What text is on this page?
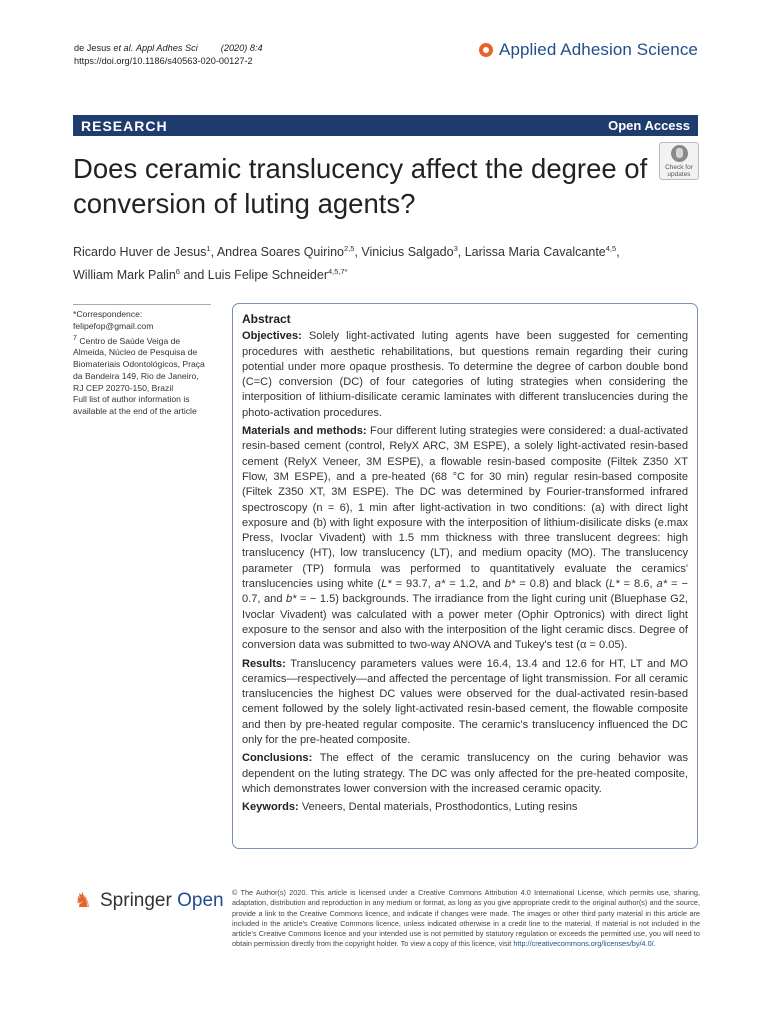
de Jesus et al. Appl Adhes Sci (2020) 8:4
https://doi.org/10.1186/s40563-020-00127-2
Applied Adhesion Science
RESEARCH	Open Access
Does ceramic translucency affect the degree of conversion of luting agents?
Check for
updates
Ricardo Huver de Jesus$^1$, Andrea Soares Quirino$^{2,5}$, Vinicius Salgado$^3$, Larissa Maria Cavalcante$^{4,5}$,
William Mark Palin$^6$ and Luis Felipe Schneider$^{4,5,7*}$
*Correspondence:
felipefop@gmail.com
$^7$ Centro de Saúde Veiga de Almeida, Núcleo de Pesquisa de Biomateriais Odontológicos, Praça da Bandeira 149, Rio de Janeiro, RJ CEP 20270-150, Brazil
Full list of author information is available at the end of the article
Abstract

Objectives: Solely light-activated luting agents have been suggested for cementing procedures with aesthetic rehabilitations, but questions remain regarding their curing potential under more opaque prosthesis. To determine the degree of carbon double bond (C=C) conversion (DC) of four categories of luting strategies when considering the interposition of lithium-disilicate ceramic laminates with different translucencies during the photo-activation procedures.

Materials and methods: Four different luting strategies were considered: a dual-activated resin-based cement (control, RelyX ARC, 3M ESPE), a solely light-activated resin-based cement (RelyX Veneer, 3M ESPE), a flowable resin-based composite (Filtek Z350 XT Flow, 3M ESPE), and a pre-heated (68 °C for 30 min) regular resin-based composite (Filtek Z350 XT, 3M ESPE). The DC was determined by Fourier-transformed infrared spectroscopy (n = 6), 1 min after light-activation in two conditions: (a) with direct light exposure and (b) with light exposure with the interposition of lithium-disilicate disks (e.max Press, Ivoclar Vivadent) with 1.5 mm thickness with three translucent degrees: high translucency (HT), low translucency (LT), and medium opacity (MO). The translucency parameter (TP) formula was performed to quantitatively evaluate the ceramics' translucencies using white (L* = 93.7, a* = 1.2, and b* = 0.8) and black (L* = 8.6, a* = − 0.7, and b* = − 1.5) backgrounds. The irradiance from the light curing unit (Bluephase G2, Ivoclar Vivadent) was calculated with a power meter (Ophir Optronics) with direct light exposure to the sensor and also with the interposition of the light ceramic discs. Degree of conversion data was submitted to two-way ANOVA and Tukey's test (α = 0.05).

Results: Translucency parameters values were 16.4, 13.4 and 12.6 for HT, LT and MO ceramics—respectively—and affected the percentage of light transmission. For all ceramic translucencies the highest DC values were observed for the dual-activated resin-based cement followed by the solely light-activated resin-based cement, the flowable composite and then by pre-heated regular composite. The ceramic's translucency influenced the DC only for the pre-heated composite.

Conclusions: The effect of the ceramic translucency on the curing behavior was dependent on the luting strategy. The DC was only affected for the pre-heated composite, which demonstrates lower conversion with the increased ceramic opacity.

Keywords: Veneers, Dental materials, Prosthodontics, Luting resins

♞ Springer Open © The Author(s) 2020. This article is licensed under a Creative Commons Attribution 4.0 International License, which permits use, sharing, adaptation, distribution and reproduction in any medium or format, as long as you give appropriate credit to the original author(s) and the source, provide a link to the Creative Commons licence, and indicate if changes were made. The images or other third party material in this article are included in the article's Creative Commons licence, unless indicated otherwise in a credit line to the material. If material is not included in the article's Creative Commons licence and your intended use is not permitted by statutory regulation or exceeds the permitted use, you will need to obtain permission directly from the copyright holder. To view a copy of this licence, visit http://creativecommons.org/licenses/by/4.0/.
